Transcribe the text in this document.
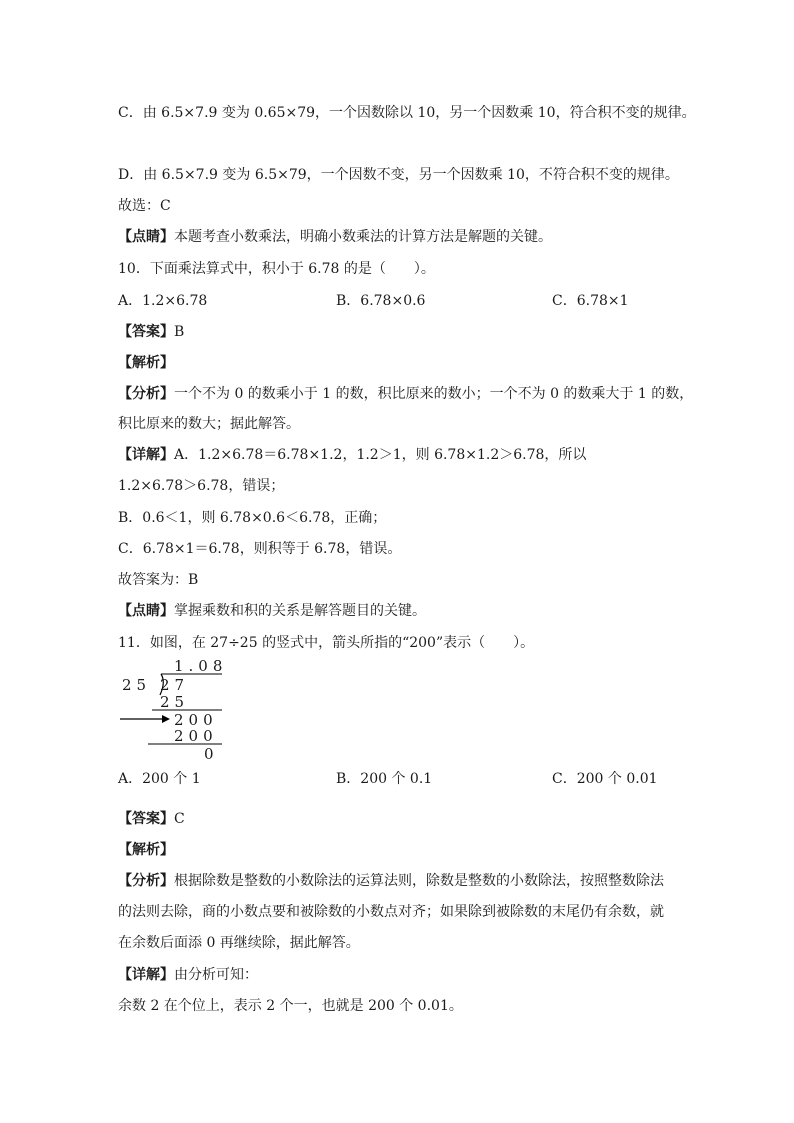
C．由 6.5×7.9 变为 0.65×79，一个因数除以 10，另一个因数乘 10，符合积不变的规律。
D．由 6.5×7.9 变为 6.5×79，一个因数不变，另一个因数乘 10，不符合积不变的规律。
故选：C
【点睛】本题考查小数乘法，明确小数乘法的计算方法是解题的关键。
10．下面乘法算式中，积小于 6.78 的是（　　）。
A．1.2×6.78	B．6.78×0.6	C．6.78×1
【答案】B
【解析】
【分析】一个不为 0 的数乘小于 1 的数，积比原来的数小；一个不为 0 的数乘大于 1 的数，
积比原来的数大；据此解答。
【详解】A．1.2×6.78＝6.78×1.2，1.2＞1，则 6.78×1.2＞6.78，所以
1.2×6.78＞6.78，错误；
B．0.6＜1，则 6.78×0.6＜6.78，正确；
C．6.78×1＝6.78，则积等于 6.78，错误。
故答案为：B
【点睛】掌握乘数和积的关系是解答题目的关键。
11．如图，在 27÷25 的竖式中，箭头所指的“200”表示（　　）。
1.08
25 27
25
200
200
0
A．200 个 1	B．200 个 0.1	C．200 个 0.01
【答案】C
【解析】
【分析】根据除数是整数的小数除法的运算法则，除数是整数的小数除法，按照整数除法
的法则去除，商的小数点要和被除数的小数点对齐；如果除到被除数的末尾仍有余数，就
在余数后面添 0 再继续除，据此解答。
【详解】由分析可知：
余数 2 在个位上，表示 2 个一，也就是 200 个 0.01。
